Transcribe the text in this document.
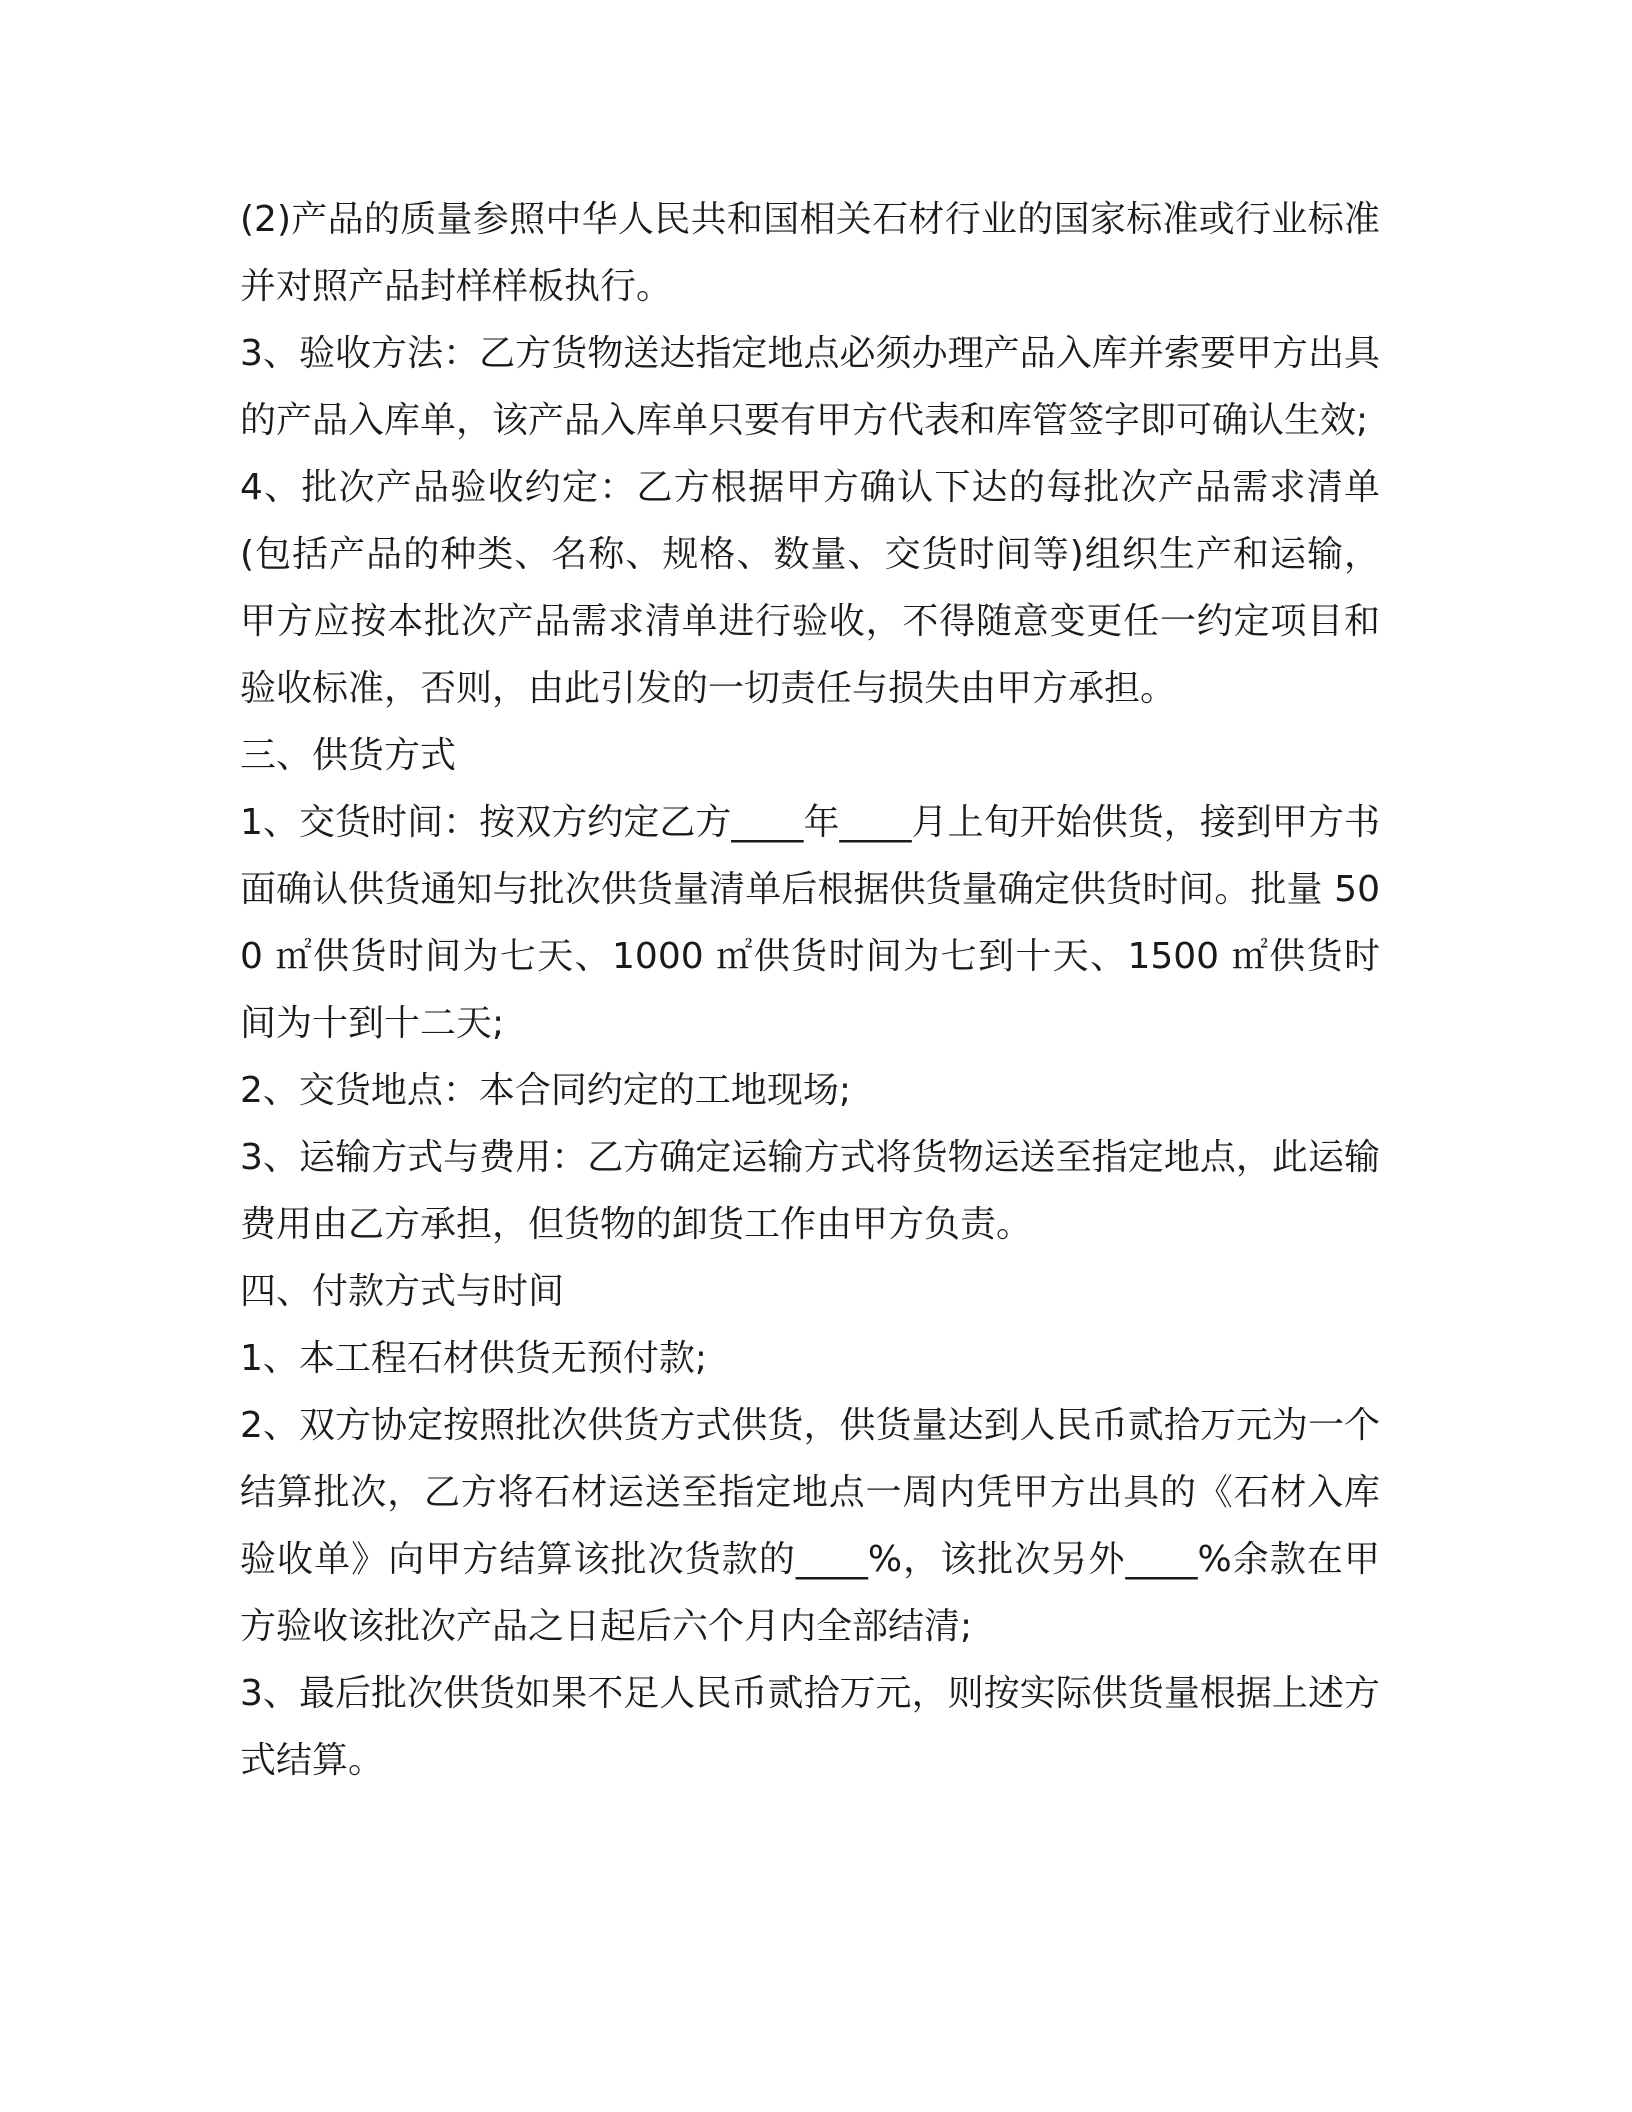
(2)产品的质量参照中华人民共和国相关石材行业的国家标准或行业标准并对照产品封样样板执行。

3、验收方法：乙方货物送达指定地点必须办理产品入库并索要甲方出具的产品入库单，该产品入库单只要有甲方代表和库管签字即可确认生效;

4、批次产品验收约定：乙方根据甲方确认下达的每批次产品需求清单(包括产品的种类、名称、规格、数量、交货时间等)组织生产和运输，甲方应按本批次产品需求清单进行验收，不得随意变更任一约定项目和验收标准，否则，由此引发的一切责任与损失由甲方承担。

三、供货方式

1、交货时间：按双方约定乙方____年____月上旬开始供货，接到甲方书面确认供货通知与批次供货量清单后根据供货量确定供货时间。批量 500 ㎡供货时间为七天、1000 ㎡供货时间为七到十天、1500 ㎡供货时间为十到十二天;

2、交货地点：本合同约定的工地现场;

3、运输方式与费用：乙方确定运输方式将货物运送至指定地点，此运输费用由乙方承担，但货物的卸货工作由甲方负责。

四、付款方式与时间

1、本工程石材供货无预付款;

2、双方协定按照批次供货方式供货，供货量达到人民币贰拾万元为一个结算批次，乙方将石材运送至指定地点一周内凭甲方出具的《石材入库验收单》向甲方结算该批次货款的____%，该批次另外____%余款在甲方验收该批次产品之日起后六个月内全部结清;

3、最后批次供货如果不足人民币贰拾万元，则按实际供货量根据上述方式结算。
